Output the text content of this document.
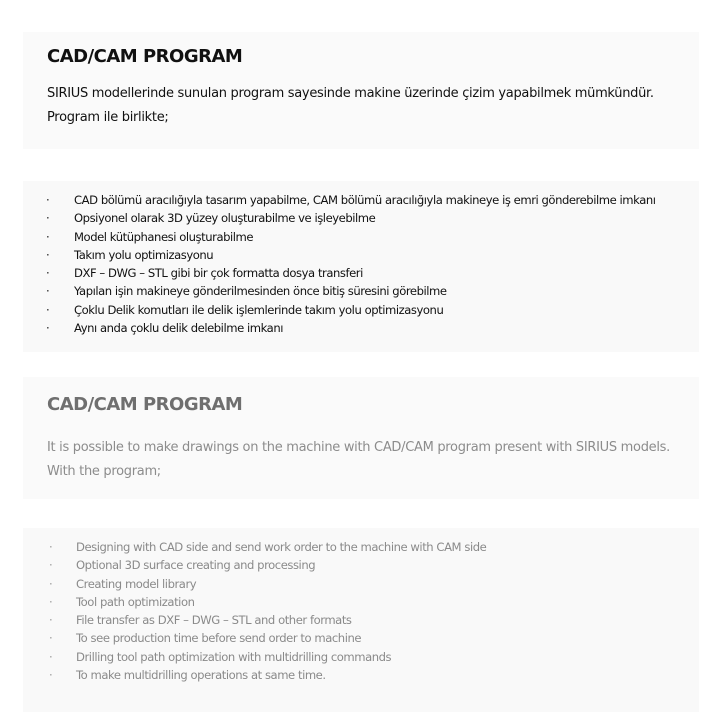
CAD/CAM PROGRAM

SIRIUS modellerinde sunulan program sayesinde makine üzerinde çizim yapabilmek mümkündür.
Program ile birlikte;

· CAD bölümü aracılığıyla tasarım yapabilme, CAM bölümü aracılığıyla makineye iş emri gönderebilme imkanı
· Opsiyonel olarak 3D yüzey oluşturabilme ve işleyebilme
· Model kütüphanesi oluşturabilme
· Takım yolu optimizasyonu
· DXF – DWG – STL gibi bir çok formatta dosya transferi
· Yapılan işin makineye gönderilmesinden önce bitiş süresini görebilme
· Çoklu Delik komutları ile delik işlemlerinde takım yolu optimizasyonu
· Aynı anda çoklu delik delebilme imkanı
CAD/CAM PROGRAM

It is possible to make drawings on the machine with CAD/CAM program present with SIRIUS models.
With the program;

· Designing with CAD side and send work order to the machine with CAM side
· Optional 3D surface creating and processing
· Creating model library
· Tool path optimization
· File transfer as DXF – DWG – STL and other formats
· To see production time before send order to machine
· Drilling tool path optimization with multidrilling commands
· To make multidrilling operations at same time.
